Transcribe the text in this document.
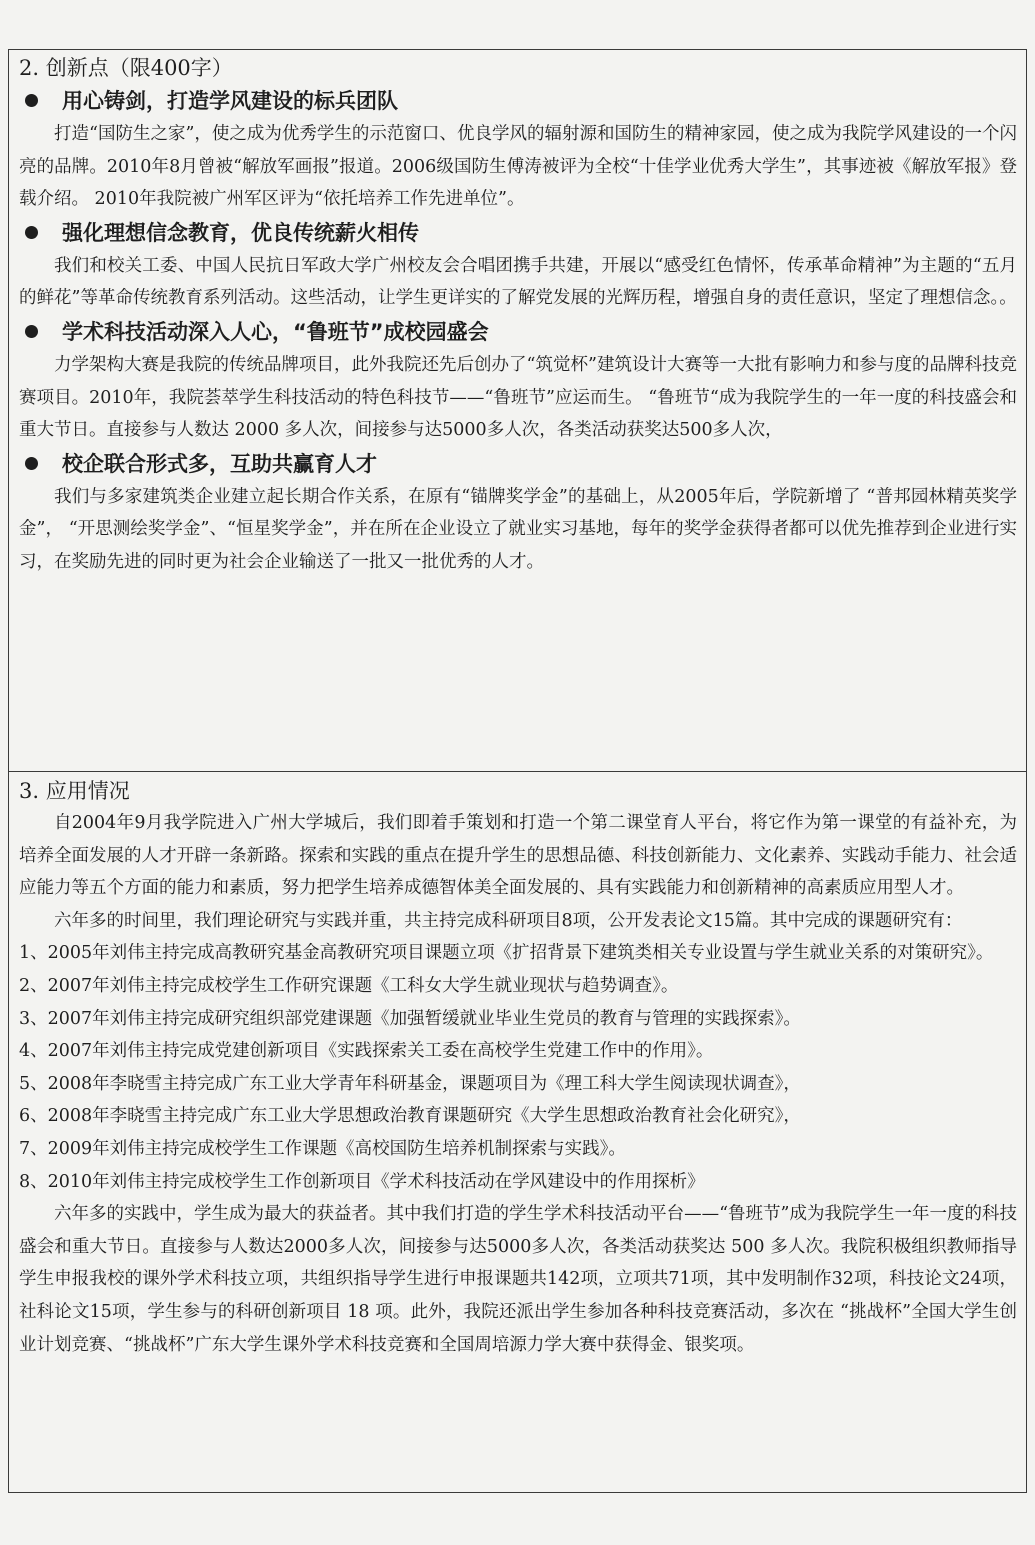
2. 创新点（限400字）
用心铸剑，打造学风建设的标兵团队

打造“国防生之家”，使之成为优秀学生的示范窗口、优良学风的辐射源和国防生的精神家园，使之成为我院学风建设的一个闪亮的品牌。2010年8月曾被“解放军画报”报道。2006级国防生傅涛被评为全校“十佳学业优秀大学生”，其事迹被《解放军报》登载介绍。 2010年我院被广州军区评为“依托培养工作先进单位”。

强化理想信念教育，优良传统薪火相传

我们和校关工委、中国人民抗日军政大学广州校友会合唱团携手共建，开展以“感受红色情怀，传承革命精神”为主题的“五月的鲜花”等革命传统教育系列活动。这些活动，让学生更详实的了解党发展的光辉历程，增强自身的责任意识，坚定了理想信念。。

学术科技活动深入人心，“鲁班节”成校园盛会

力学架构大赛是我院的传统品牌项目，此外我院还先后创办了“筑觉杯”建筑设计大赛等一大批有影响力和参与度的品牌科技竞赛项目。2010年，我院荟萃学生科技活动的特色科技节——“鲁班节”应运而生。 “鲁班节“成为我院学生的一年一度的科技盛会和重大节日。直接参与人数达 2000 多人次，间接参与达5000多人次，各类活动获奖达500多人次，

校企联合形式多，互助共赢育人才

我们与多家建筑类企业建立起长期合作关系，在原有“锚牌奖学金”的基础上，从2005年后，学院新增了 “普邦园林精英奖学金”， “开思测绘奖学金”、“恒星奖学金”，并在所在企业设立了就业实习基地，每年的奖学金获得者都可以优先推荐到企业进行实习，在奖励先进的同时更为社会企业输送了一批又一批优秀的人才。

3. 应用情况

自2004年9月我学院进入广州大学城后，我们即着手策划和打造一个第二课堂育人平台，将它作为第一课堂的有益补充，为培养全面发展的人才开辟一条新路。探索和实践的重点在提升学生的思想品德、科技创新能力、文化素养、实践动手能力、社会适应能力等五个方面的能力和素质，努力把学生培养成德智体美全面发展的、具有实践能力和创新精神的高素质应用型人才。

六年多的时间里，我们理论研究与实践并重，共主持完成科研项目8项，公开发表论文15篇。其中完成的课题研究有：

1、2005年刘伟主持完成高教研究基金高教研究项目课题立项《扩招背景下建筑类相关专业设置与学生就业关系的对策研究》。

2、2007年刘伟主持完成校学生工作研究课题《工科女大学生就业现状与趋势调查》。

3、2007年刘伟主持完成研究组织部党建课题《加强暂缓就业毕业生党员的教育与管理的实践探索》。

4、2007年刘伟主持完成党建创新项目《实践探索关工委在高校学生党建工作中的作用》。

5、2008年李晓雪主持完成广东工业大学青年科研基金，课题项目为《理工科大学生阅读现状调查》，

6、2008年李晓雪主持完成广东工业大学思想政治教育课题研究《大学生思想政治教育社会化研究》，

7、2009年刘伟主持完成校学生工作课题《高校国防生培养机制探索与实践》。

8、2010年刘伟主持完成校学生工作创新项目《学术科技活动在学风建设中的作用探析》

六年多的实践中，学生成为最大的获益者。其中我们打造的学生学术科技活动平台——“鲁班节”成为我院学生一年一度的科技盛会和重大节日。直接参与人数达2000多人次，间接参与达5000多人次，各类活动获奖达 500 多人次。我院积极组织教师指导学生申报我校的课外学术科技立项，共组织指导学生进行申报课题共142项，立项共71项，其中发明制作32项，科技论文24项，社科论文15项，学生参与的科研创新项目 18 项。此外，我院还派出学生参加各种科技竞赛活动，多次在 “挑战杯”全国大学生创业计划竞赛、“挑战杯”广东大学生课外学术科技竞赛和全国周培源力学大赛中获得金、银奖项。
